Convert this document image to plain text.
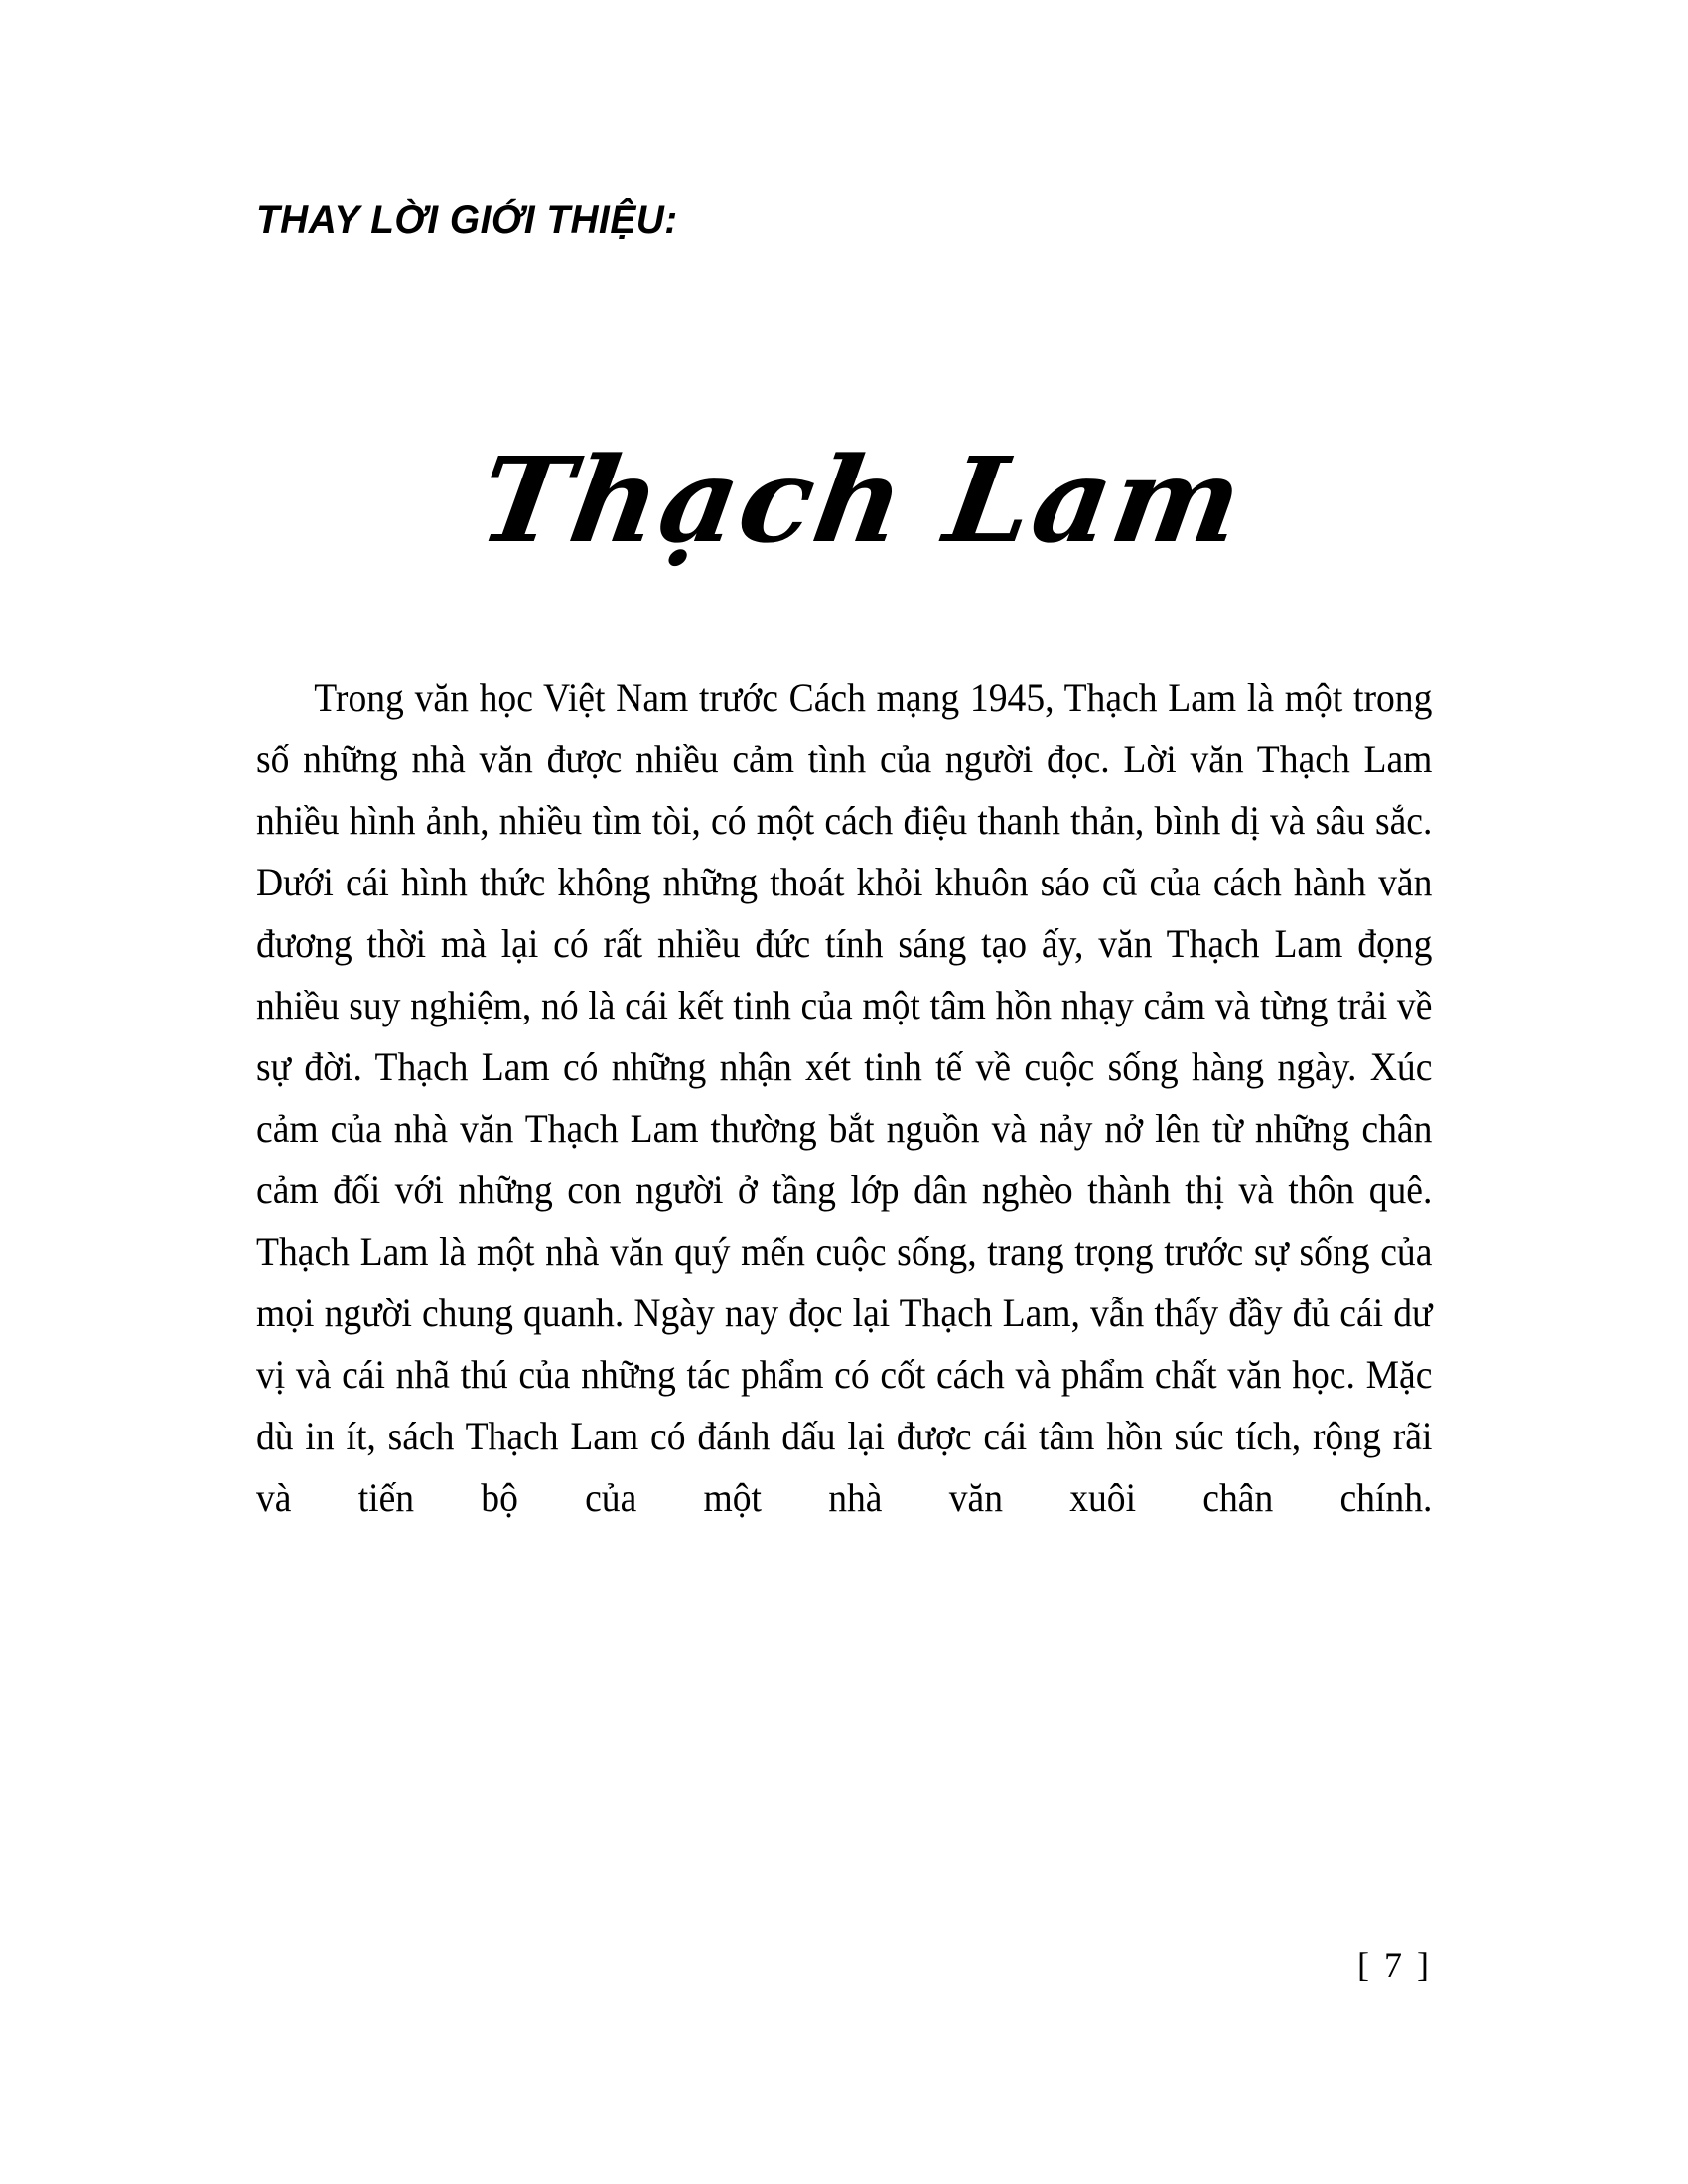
THAY LỜI GIỚI THIỆU:
Thạch Lam

Trong văn học Việt Nam trước Cách mạng 1945, Thạch Lam là một trong số những nhà văn được nhiều cảm tình của người đọc. Lời văn Thạch Lam nhiều hình ảnh, nhiều tìm tòi, có một cách điệu thanh thản, bình dị và sâu sắc. Dưới cái hình thức không những thoát khỏi khuôn sáo cũ của cách hành văn đương thời mà lại có rất nhiều đức tính sáng tạo ấy, văn Thạch Lam đọng nhiều suy nghiệm, nó là cái kết tinh của một tâm hồn nhạy cảm và từng trải về sự đời. Thạch Lam có những nhận xét tinh tế về cuộc sống hàng ngày. Xúc cảm của nhà văn Thạch Lam thường bắt nguồn và nảy nở lên từ những chân cảm đối với những con người ở tầng lớp dân nghèo thành thị và thôn quê. Thạch Lam là một nhà văn quý mến cuộc sống, trang trọng trước sự sống của mọi người chung quanh. Ngày nay đọc lại Thạch Lam, vẫn thấy đầy đủ cái dư vị và cái nhã thú của những tác phẩm có cốt cách và phẩm chất văn học. Mặc dù in ít, sách Thạch Lam có đánh dấu lại được cái tâm hồn súc tích, rộng rãi và tiến bộ của một nhà văn xuôi chân chính.

[ 7 ]
